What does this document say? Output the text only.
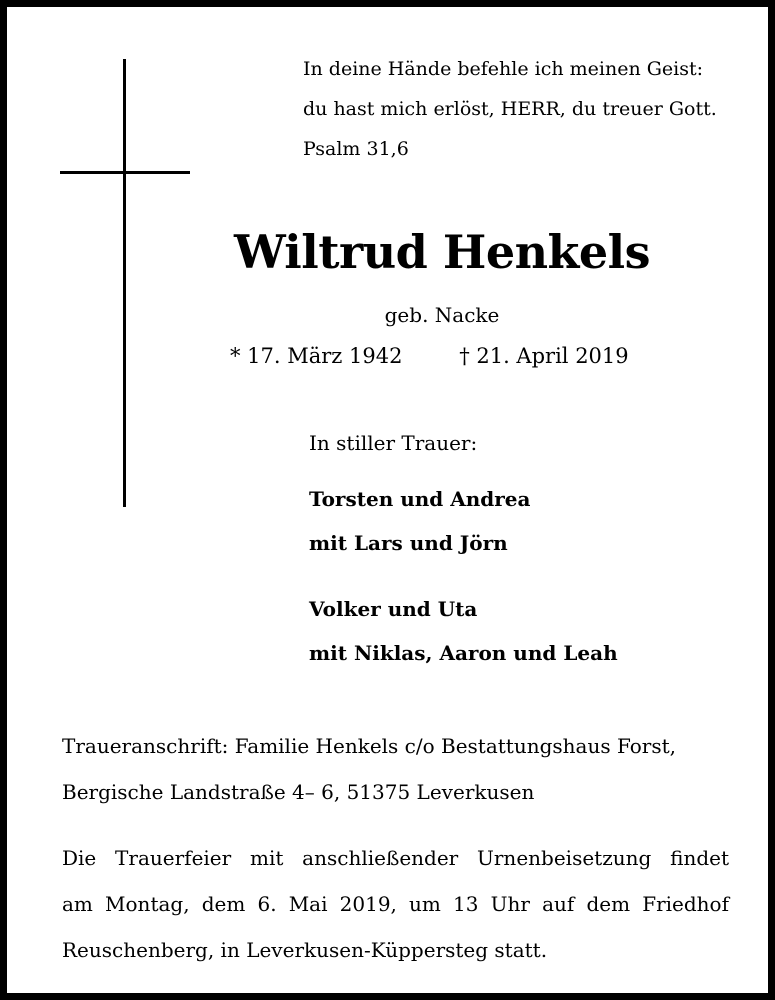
In deine Hände befehle ich meinen Geist:
du hast mich erlöst, HERR, du treuer Gott.
Psalm 31,6
Wiltrud Henkels
geb. Nacke
* 17. März 1942	† 21. April 2019
In stiller Trauer:
Torsten und Andrea
mit Lars und Jörn
Volker und Uta
mit Niklas, Aaron und Leah
Traueranschrift: Familie Henkels c/o Bestattungshaus Forst,
Bergische Landstraße 4– 6, 51375 Leverkusen
Die Trauerfeier mit anschließender Urnenbeisetzung findet
am Montag, dem 6. Mai 2019, um 13 Uhr auf dem Friedhof
Reuschenberg, in Leverkusen-Küppersteg statt.
